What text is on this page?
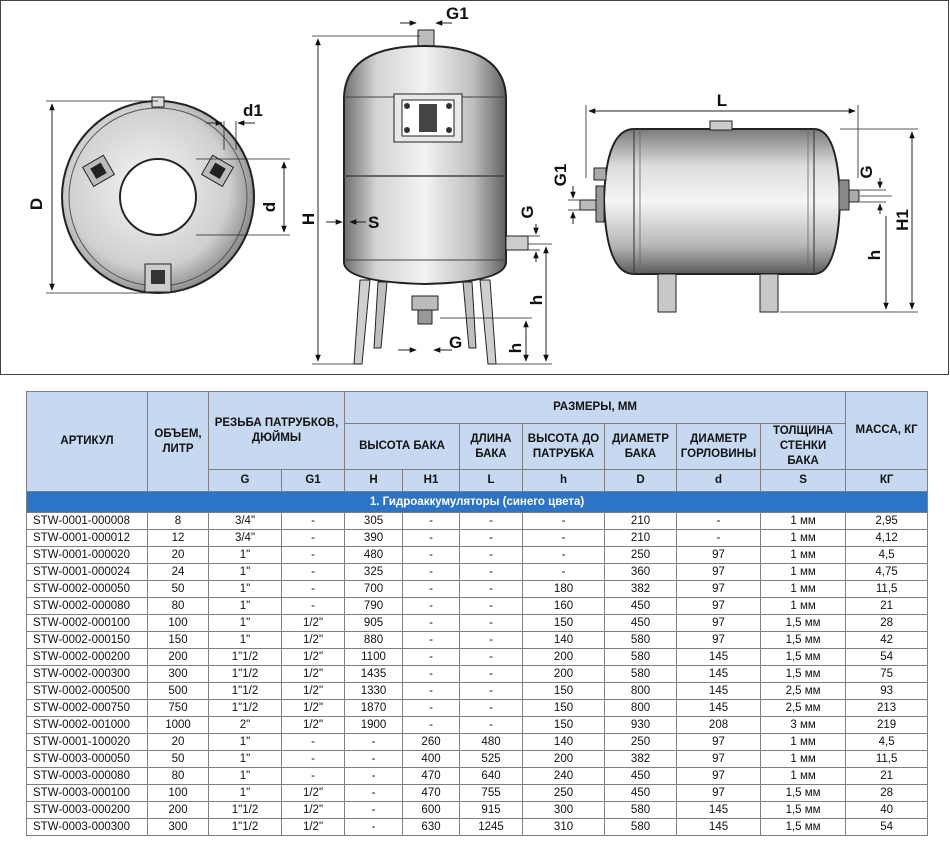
D	d
d1
G1
H	S
G
h
h
G
L
G1	G
H1
h
АРТИКУЛ	ОБЪЕМ, ЛИТР	РЕЗЬБА ПАТРУБКОВ, ДЮЙМЫ		РАЗМЕРЫ, ММ							МАССА, КГ
				ВЫСОТА БАКА		ДЛИНА БАКА	ВЫСОТА ДО ПАТРУБКА	ДИАМЕТР БАКА	ДИАМЕТР ГОРЛОВИНЫ	ТОЛЩИНА СТЕНКИ БАКА	
		G	G1	H	H1	L	h	D	d	S	КГ
1. Гидроаккумуляторы (синего цвета)											
STW-0001-000008	8	3/4"	-	305	-	-	-	210	-	1 мм	2,95
STW-0001-000012	12	3/4"	-	390	-	-	-	210	-	1 мм	4,12
STW-0001-000020	20	1"	-	480	-	-	-	250	97	1 мм	4,5
STW-0001-000024	24	1"	-	325	-	-	-	360	97	1 мм	4,75
STW-0002-000050	50	1"	-	700	-	-	180	382	97	1 мм	11,5
STW-0002-000080	80	1"	-	790	-	-	160	450	97	1 мм	21
STW-0002-000100	100	1"	1/2"	905	-	-	150	450	97	1,5 мм	28
STW-0002-000150	150	1"	1/2"	880	-	-	140	580	97	1,5 мм	42
STW-0002-000200	200	1"1/2	1/2"	1100	-	-	200	580	145	1,5 мм	54
STW-0002-000300	300	1"1/2	1/2"	1435	-	-	200	580	145	1,5 мм	75
STW-0002-000500	500	1"1/2	1/2"	1330	-	-	150	800	145	2,5 мм	93
STW-0002-000750	750	1"1/2	1/2"	1870	-	-	150	800	145	2,5 мм	213
STW-0002-001000	1000	2"	1/2"	1900	-	-	150	930	208	3 мм	219
STW-0001-100020	20	1"	-	-	260	480	140	250	97	1 мм	4,5
STW-0003-000050	50	1"	-	-	400	525	200	382	97	1 мм	11,5
STW-0003-000080	80	1"	-	-	470	640	240	450	97	1 мм	21
STW-0003-000100	100	1"	1/2"	-	470	755	250	450	97	1,5 мм	28
STW-0003-000200	200	1"1/2	1/2"	-	600	915	300	580	145	1,5 мм	40
STW-0003-000300	300	1"1/2	1/2"	-	630	1245	310	580	145	1,5 мм	54
